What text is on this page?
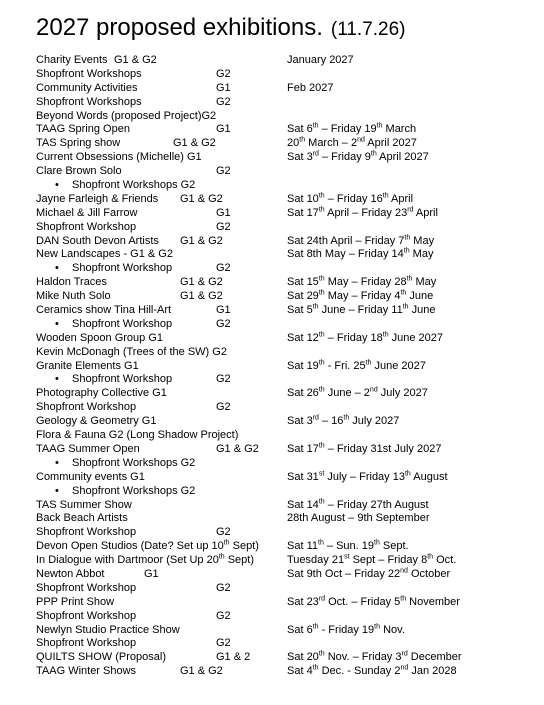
2027 proposed exhibitions. (11.7.26)
Charity Events G1 & G2	January 2027
Shopfront Workshops	G2
Community Activities	G1	Feb 2027
Shopfront Workshops	G2
Beyond Words (proposed Project)G2
TAAG Spring Open	G1	Sat 6th – Friday 19th March
TAS Spring show	G1 & G2	20th March – 2nd April 2027
Current Obsessions (Michelle) G1	Sat 3rd – Friday 9th April 2027
Clare Brown Solo	G2
• Shopfront Workshops G2
Jayne Farleigh & Friends G1 & G2	Sat 10th – Friday 16th April
Michael & Jill Farrow	G1	Sat 17th April – Friday 23rd April
Shopfront Workshop	G2
DAN South Devon Artists G1 & G2	Sat 24th April – Friday 7th May
New Landscapes - G1 & G2	Sat 8th May – Friday 14th May
• Shopfront Workshop	G2
Haldon Traces	G1 & G2	Sat 15th May – Friday 28th May
Mike Nuth Solo	G1 & G2	Sat 29th May – Friday 4th June
Ceramics show Tina Hill-Art	G1	Sat 5th June – Friday 11th June
• Shopfront Workshop	G2
Wooden Spoon Group G1	Sat 12th – Friday 18th June 2027
Kevin McDonagh (Trees of the SW) G2
Granite Elements G1	Sat 19th - Fri. 25th June 2027
• Shopfront Workshop	G2
Photography Collective G1	Sat 26th June – 2nd July 2027
Shopfront Workshop	G2
Geology & Geometry G1	Sat 3rd – 16th July 2027
Flora & Fauna G2 (Long Shadow Project)
TAAG Summer Open	G1 & G2	Sat 17th – Friday 31st July 2027
• Shopfront Workshops G2
Community events G1	Sat 31st July – Friday 13th August
• Shopfront Workshops G2
TAS Summer Show	Sat 14th – Friday 27th August
Back Beach Artists	28th August – 9th September
Shopfront Workshop	G2
Devon Open Studios (Date? Set up 10th Sept)	Sat 11th – Sun. 19th Sept.
In Dialogue with Dartmoor (Set Up 20th Sept)	Tuesday 21st Sept – Friday 8th Oct.
Newton Abbot	G1	Sat 9th Oct – Friday 22nd October
Shopfront Workshop	G2
PPP Print Show	Sat 23rd Oct. – Friday 5th November
Shopfront Workshop	G2
Newlyn Studio Practice Show	Sat 6th - Friday 19th Nov.
Shopfront Workshop	G2
QUILTS SHOW (Proposal)	G1 & 2	Sat 20th Nov. – Friday 3rd December
TAAG Winter Shows	G1 & G2	Sat 4th Dec. - Sunday 2nd Jan 2028
